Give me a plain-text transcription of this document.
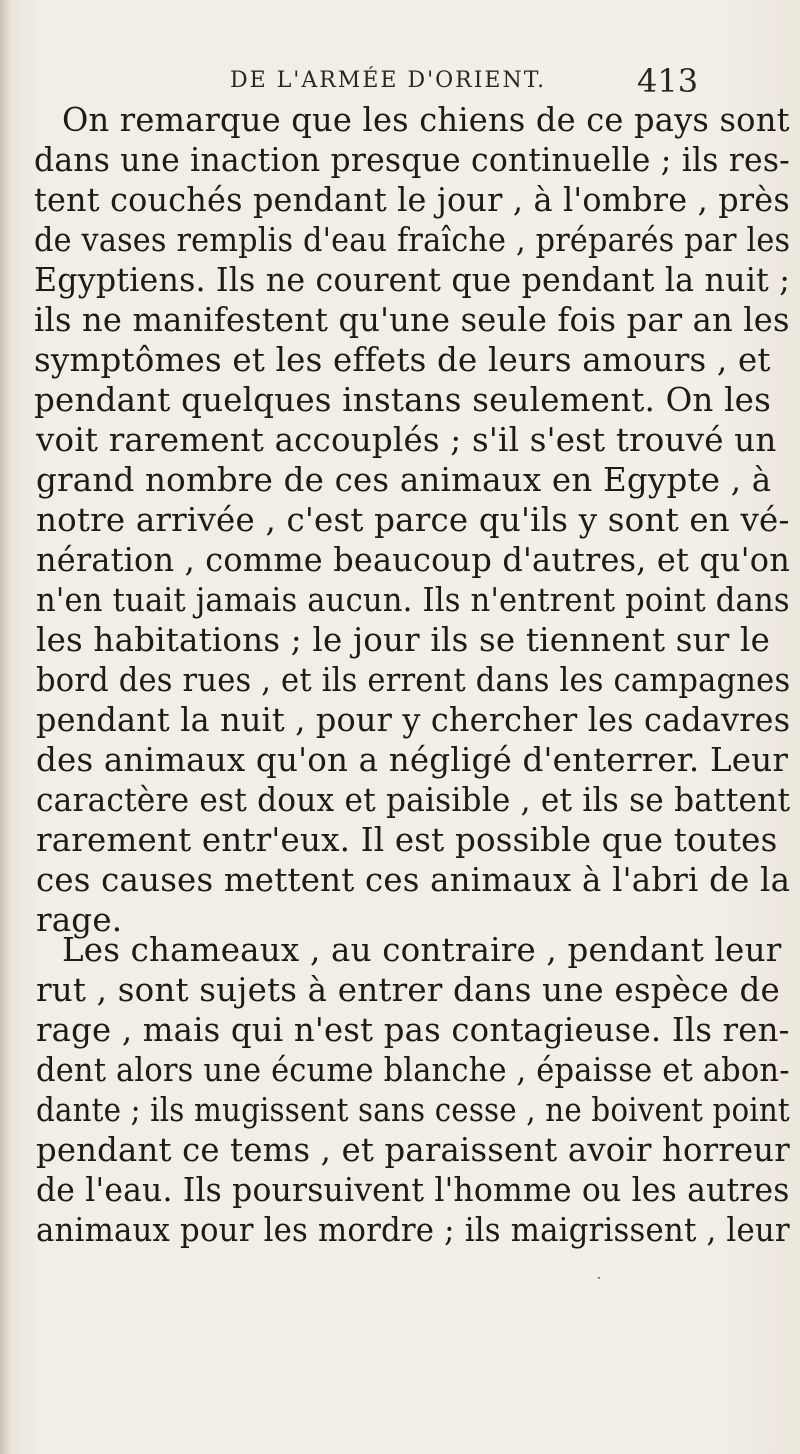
DE L'ARMÉE D'ORIENT.	413
On remarque que les chiens de ce pays sont
dans une inaction presque continuelle ; ils res-
tent couchés pendant le jour , à l'ombre , près
de vases remplis d'eau fraîche , préparés par les
Egyptiens. Ils ne courent que pendant la nuit ;
ils ne manifestent qu'une seule fois par an les
symptômes et les effets de leurs amours , et
pendant quelques instans seulement. On les
voit rarement accouplés ; s'il s'est trouvé un
grand nombre de ces animaux en Egypte , à
notre arrivée , c'est parce qu'ils y sont en vé-
nération , comme beaucoup d'autres, et qu'on
n'en tuait jamais aucun. Ils n'entrent point dans
les habitations ; le jour ils se tiennent sur le
bord des rues , et ils errent dans les campagnes
pendant la nuit , pour y chercher les cadavres
des animaux qu'on a négligé d'enterrer. Leur
caractère est doux et paisible , et ils se battent
rarement entr'eux. Il est possible que toutes
ces causes mettent ces animaux à l'abri de la
rage.
Les chameaux , au contraire , pendant leur
rut , sont sujets à entrer dans une espèce de
rage , mais qui n'est pas contagieuse. Ils ren-
dent alors une écume blanche , épaisse et abon-
dante ; ils mugissent sans cesse , ne boivent point
pendant ce tems , et paraissent avoir horreur
de l'eau. Ils poursuivent l'homme ou les autres
animaux pour les mordre ; ils maigrissent , leur
·
